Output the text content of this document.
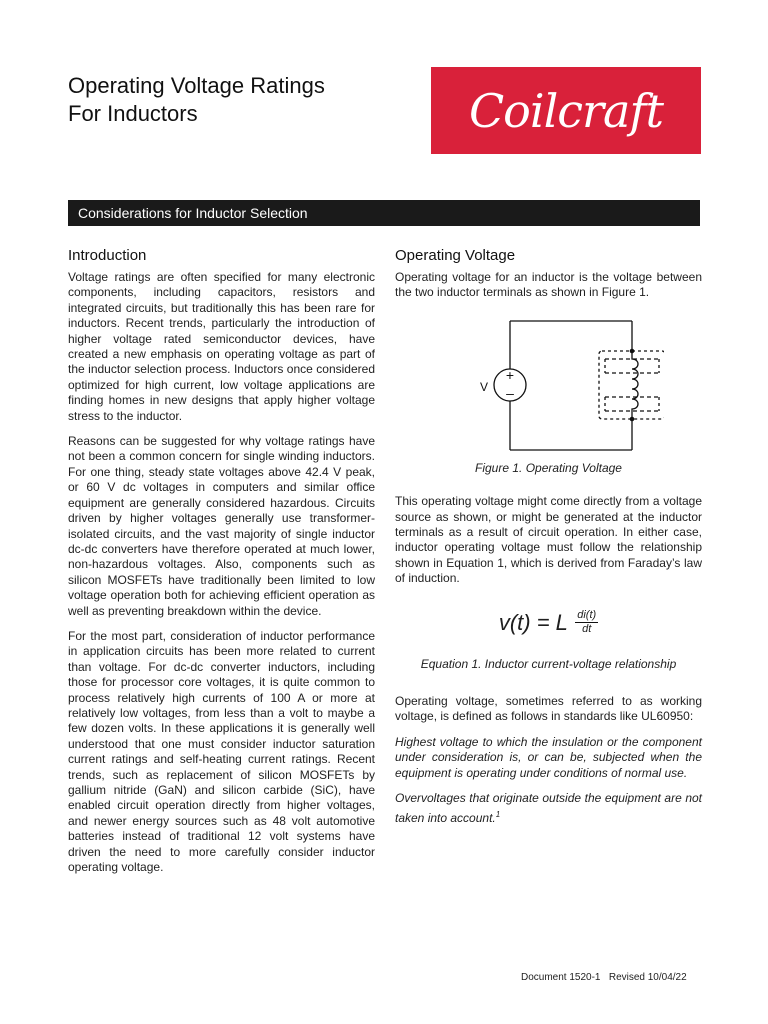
Operating Voltage Ratings
For Inductors	Coilcraft
Considerations for Inductor Selection
Introduction

Voltage ratings are often specified for many electronic components, including capacitors, resistors and integrated circuits, but traditionally this has been rare for inductors. Recent trends, particularly the introduction of higher voltage rated semiconductor devices, have created a new emphasis on operating voltage as part of the inductor selection process. Inductors once considered optimized for high current, low voltage applications are finding homes in new designs that apply higher voltage stress to the inductor.

Reasons can be suggested for why voltage ratings have not been a common concern for single winding inductors. For one thing, steady state voltages above 42.4 V peak, or 60 V dc voltages in computers and similar office equipment are generally considered hazardous. Circuits driven by higher voltages generally use transformer-isolated circuits, and the vast majority of single inductor dc-dc converters have therefore operated at much lower, non-hazardous voltages. Also, components such as silicon MOSFETs have traditionally been limited to low voltage operation both for achieving efficient operation as well as preventing breakdown within the device.

For the most part, consideration of inductor performance in application circuits has been more related to current than voltage. For dc-dc converter inductors, including those for processor core voltages, it is quite common to process relatively high currents of 100 A or more at relatively low voltages, from less than a volt to maybe a few dozen volts. In these applications it is generally well understood that one must consider inductor saturation current ratings and self-heating current ratings. Recent trends, such as replacement of silicon MOSFETs by gallium nitride (GaN) and silicon carbide (SiC), have enabled circuit operation directly from higher voltages, and newer energy sources such as 48 volt automotive batteries instead of traditional 12 volt systems have driven the need to more carefully consider inductor operating voltage.

Operating Voltage

Operating voltage for an inductor is the voltage between the two inductor terminals as shown in Figure 1.

+
–
V

Figure 1. Operating Voltage

This operating voltage might come directly from a voltage source as shown, or might be generated at the inductor terminals as a result of circuit operation. In either case, inductor operating voltage must follow the relationship shown in Equation 1, which is derived from Faraday’s law of induction.

v(t) = L $\frac{di(t)}{dt}$

Equation 1. Inductor current-voltage relationship

Operating voltage, sometimes referred to as working voltage, is defined as follows in standards like UL60950:

Highest voltage to which the insulation or the component under consideration is, or can be, subjected when the equipment is operating under conditions of normal use.

Overvoltages that originate outside the equipment are not taken into account.$^1$

Document 1520-1 Revised 10/04/22
